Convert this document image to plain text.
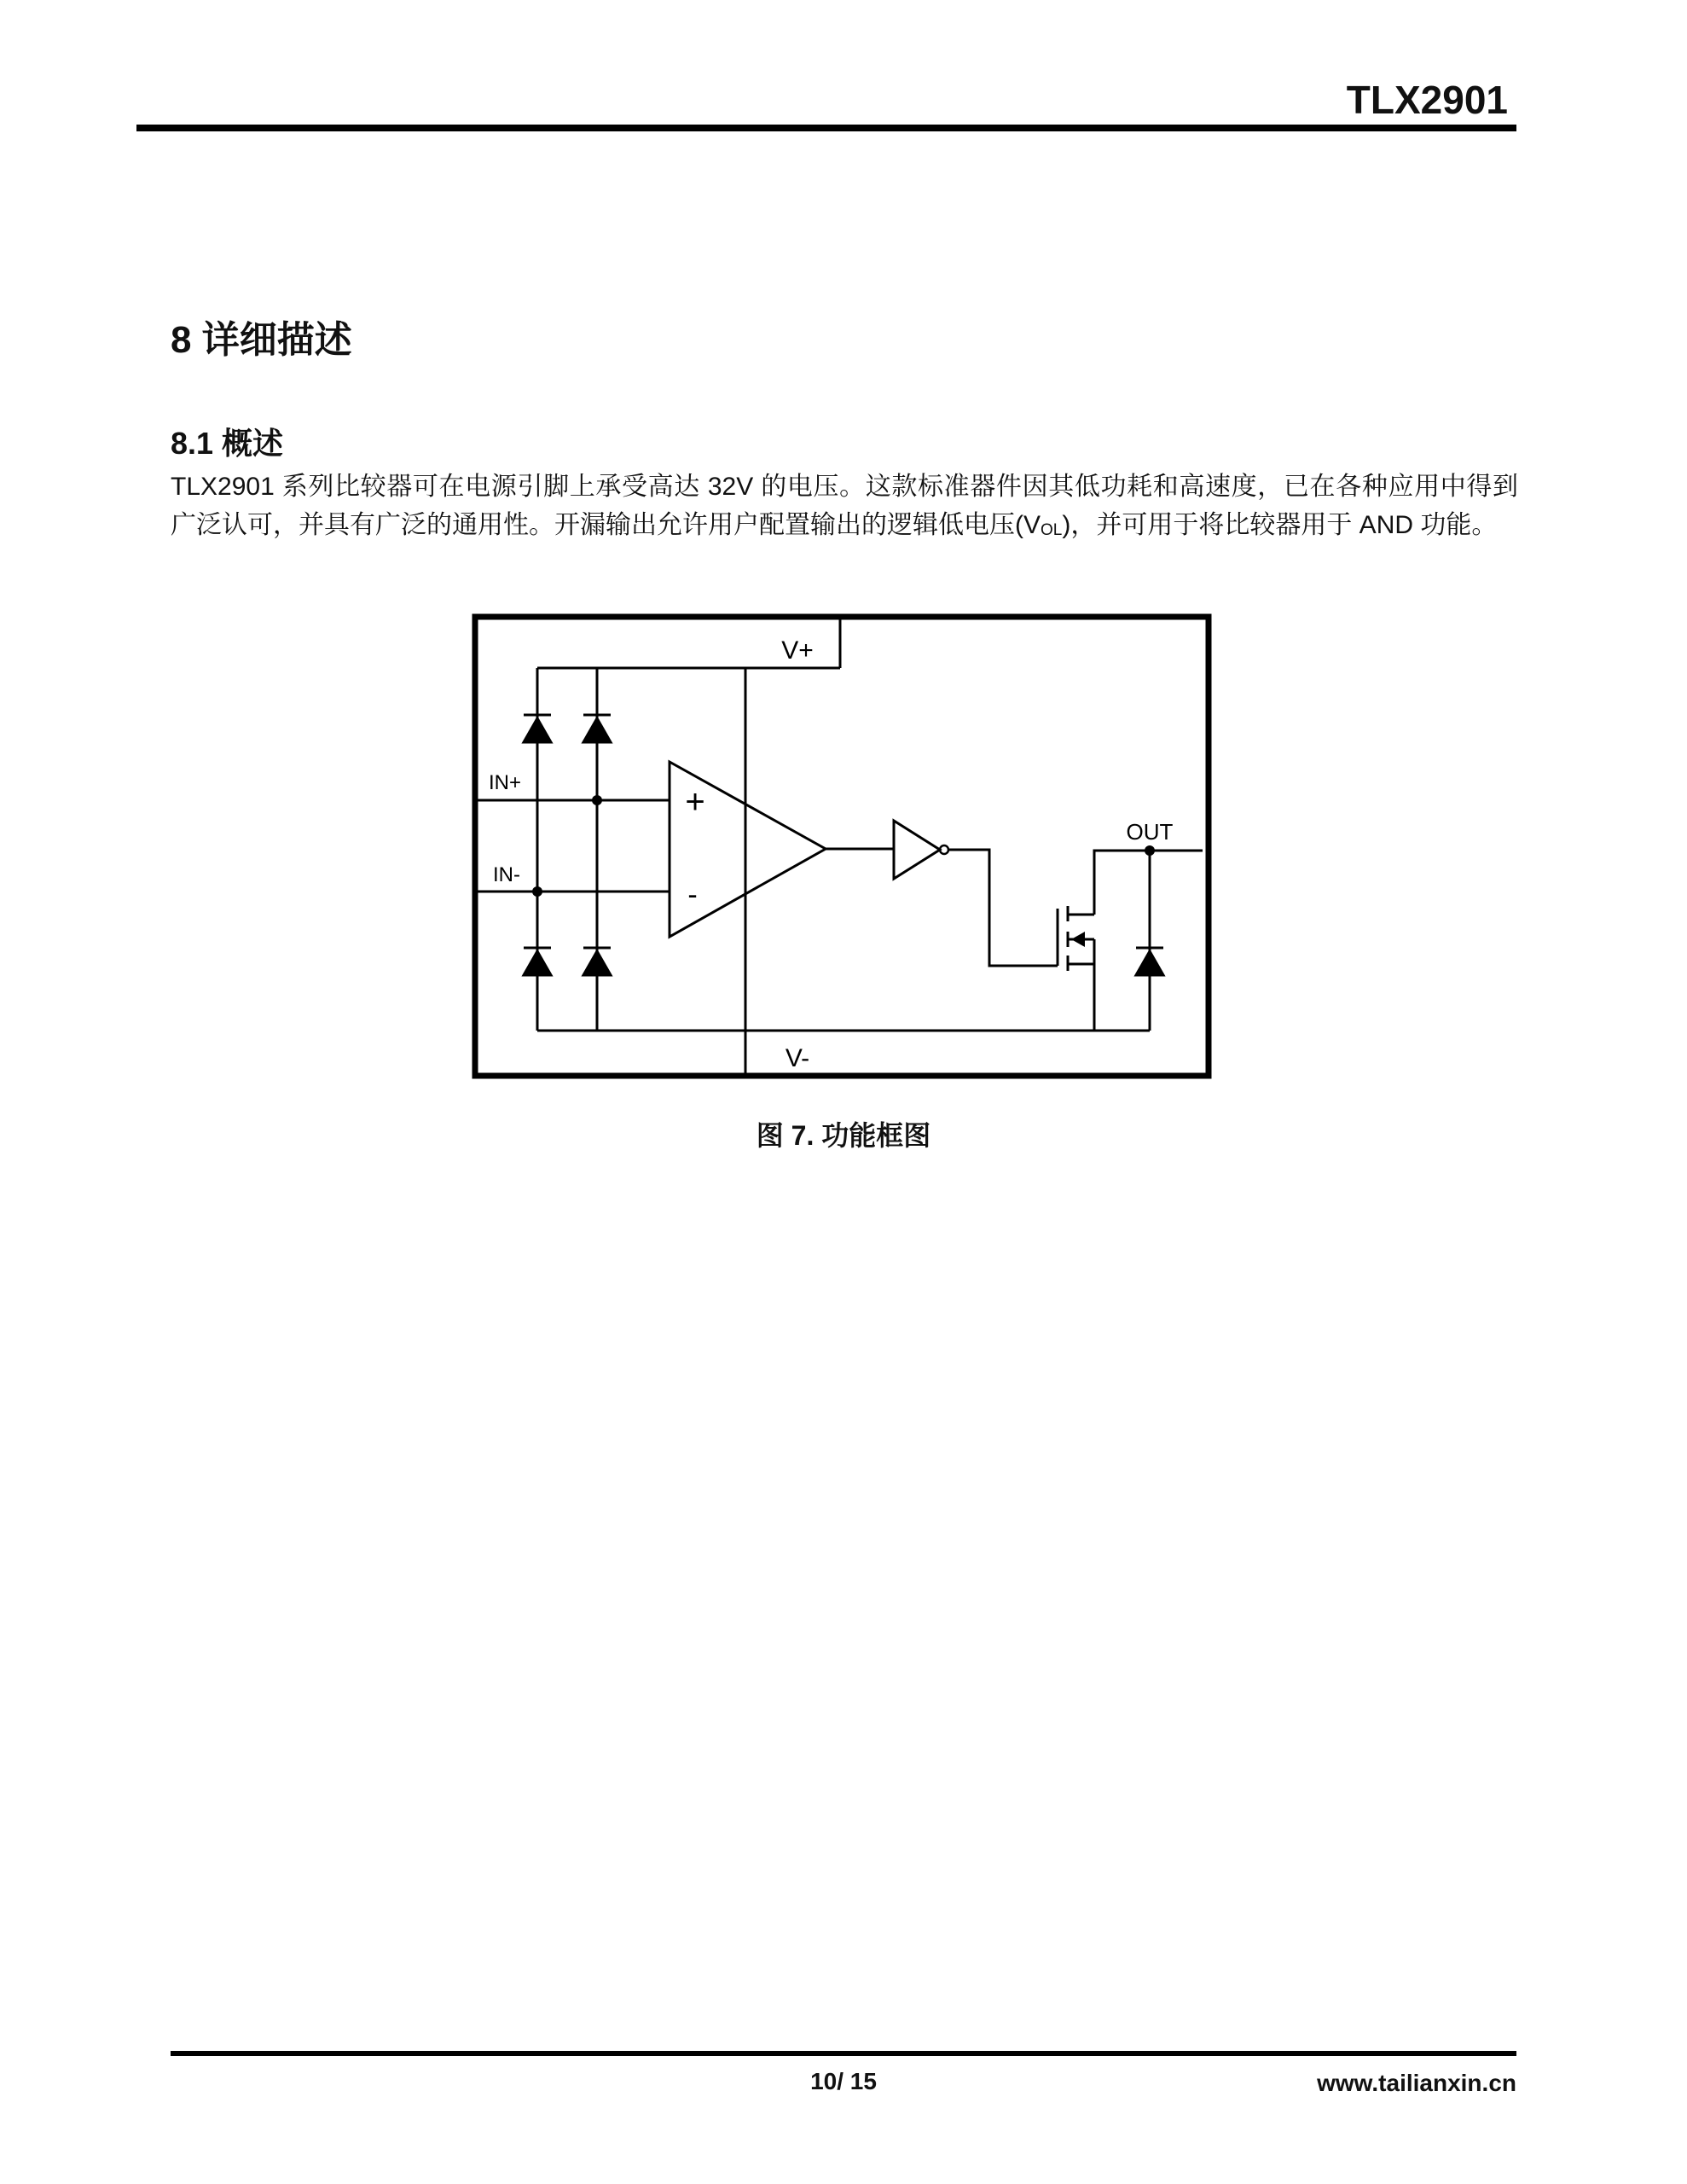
TLX2901
8 详细描述
8.1 概述
TLX2901 系列比较器可在电源引脚上承受高达 32V 的电压。这款标准器件因其低功耗和高速度，已在各种应用中得到广泛认可，并具有广泛的通用性。开漏输出允许用户配置输出的逻辑低电压$(V_{OL})$，并可用于将比较器用于 AND 功能。
V+
V-
IN+
IN-
OUT
+
-
图 7. 功能框图
10/ 15	www.tailianxin.cn
